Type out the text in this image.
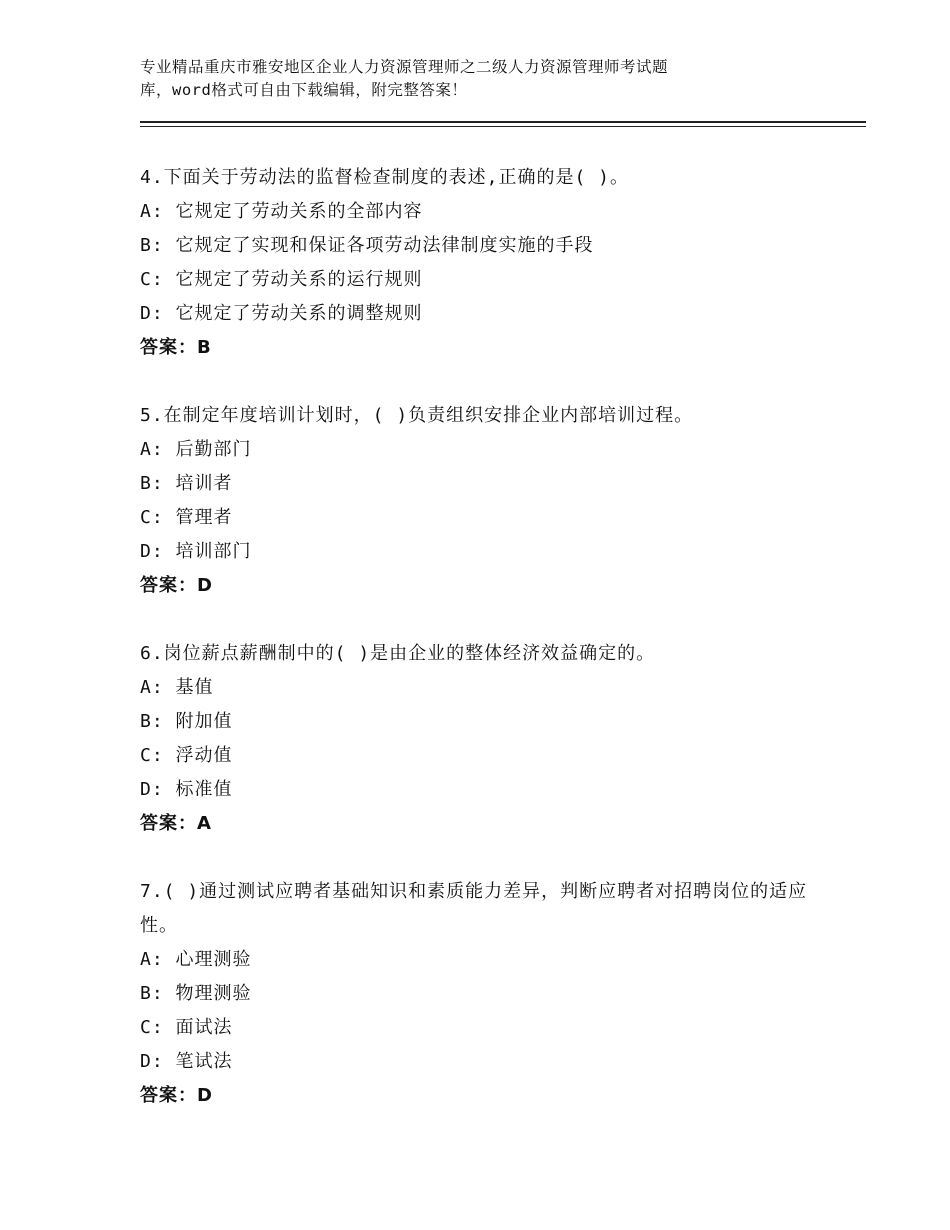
专业精品重庆市雅安地区企业人力资源管理师之二级人力资源管理师考试题
库，word格式可自由下载编辑，附完整答案！
4.下面关于劳动法的监督检查制度的表述,正确的是( )。
A: 它规定了劳动关系的全部内容
B: 它规定了实现和保证各项劳动法律制度实施的手段
C: 它规定了劳动关系的运行规则
D: 它规定了劳动关系的调整规则
答案：B
5.在制定年度培训计划时，( )负责组织安排企业内部培训过程。
A: 后勤部门
B: 培训者
C: 管理者
D: 培训部门
答案：D
6.岗位薪点薪酬制中的( )是由企业的整体经济效益确定的。
A: 基值
B: 附加值
C: 浮动值
D: 标准值
答案：A
7.( )通过测试应聘者基础知识和素质能力差异，判断应聘者对招聘岗位的适应性。
A: 心理测验
B: 物理测验
C: 面试法
D: 笔试法
答案：D
